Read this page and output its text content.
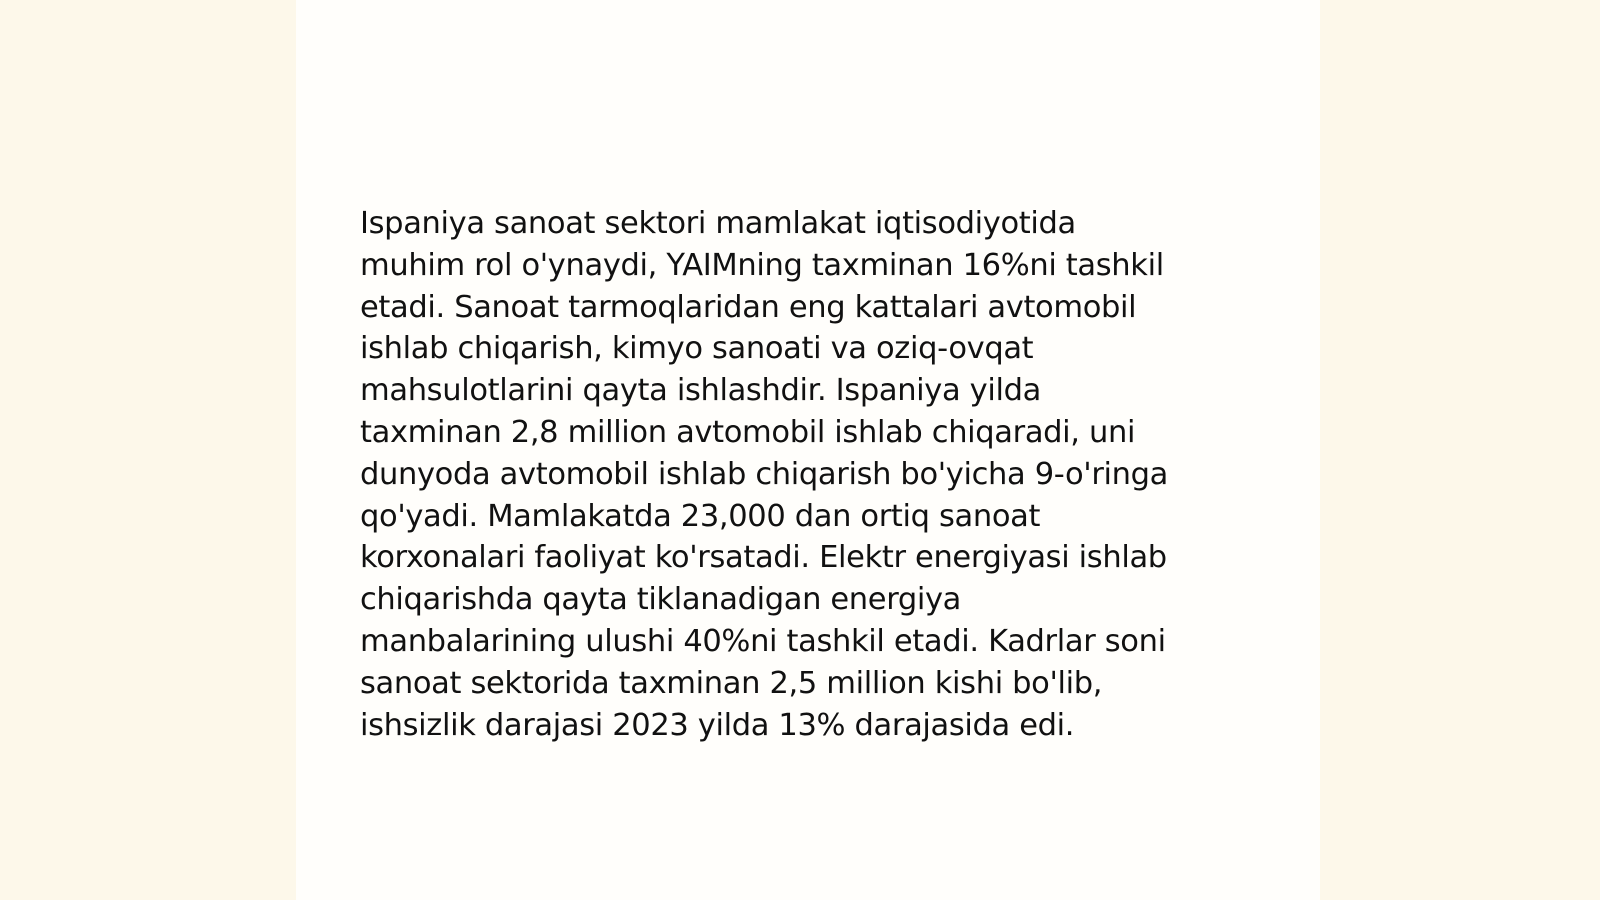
Ispaniya sanoat sektori mamlakat iqtisodiyotida
muhim rol o'ynaydi, YAIMning taxminan 16%ni tashkil
etadi. Sanoat tarmoqlaridan eng kattalari avtomobil
ishlab chiqarish, kimyo sanoati va oziq-ovqat
mahsulotlarini qayta ishlashdir. Ispaniya yilda
taxminan 2,8 million avtomobil ishlab chiqaradi, uni
dunyoda avtomobil ishlab chiqarish bo'yicha 9-o'ringa
qo'yadi. Mamlakatda 23,000 dan ortiq sanoat
korxonalari faoliyat ko'rsatadi. Elektr energiyasi ishlab
chiqarishda qayta tiklanadigan energiya
manbalarining ulushi 40%ni tashkil etadi. Kadrlar soni
sanoat sektorida taxminan 2,5 million kishi bo'lib,
ishsizlik darajasi 2023 yilda 13% darajasida edi.
